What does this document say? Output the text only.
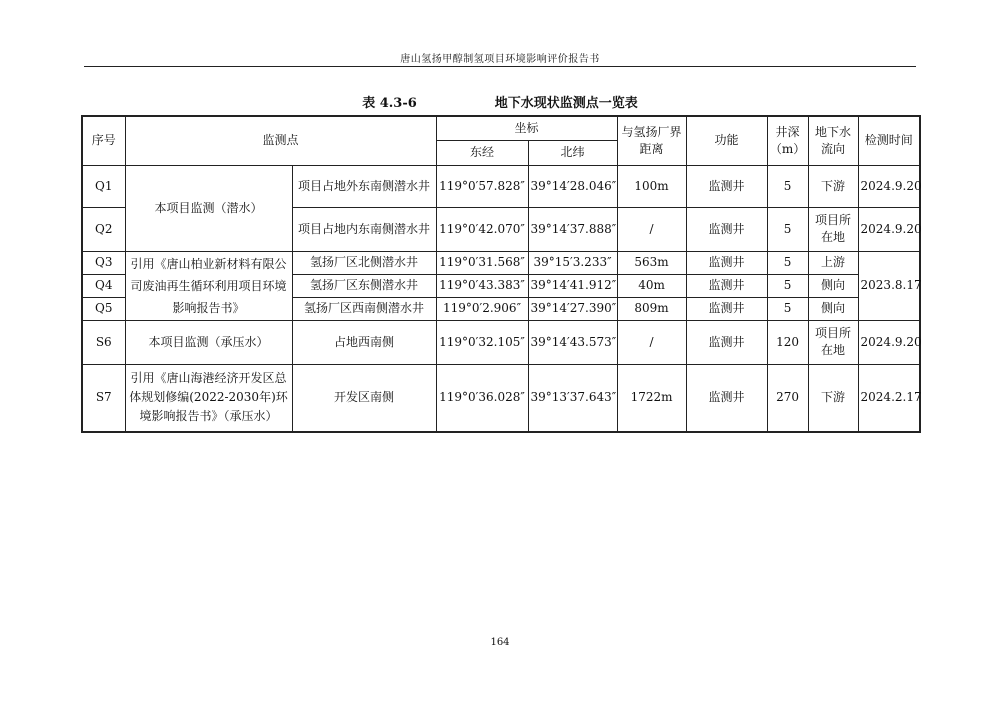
唐山氢扬甲醇制氢项目环境影响评价报告书
表 4.3-6	地下水现状监测点一览表
序号	监测点		坐标		与氢扬厂界距离	功能	井深（m）	地下水流向	检测时间
			东经	北纬					
Q1	本项目监测（潜水）	项目占地外东南侧潜水井	119°0′57.828″	39°14′28.046″	100m	监测井	5	下游	2024.9.20
Q2		项目占地内东南侧潜水井	119°0′42.070″	39°14′37.888″	/	监测井	5	项目所在地	2024.9.20
Q3	引用《唐山柏业新材料有限公司废油再生循环利用项目环境影响报告书》	氢扬厂区北侧潜水井	119°0′31.568″	39°15′3.233″	563m	监测井	5	上游	2023.8.17
Q4		氢扬厂区东侧潜水井	119°0′43.383″	39°14′41.912″	40m	监测井	5	侧向	
Q5		氢扬厂区西南侧潜水井	119°0′2.906″	39°14′27.390″	809m	监测井	5	侧向	
S6	本项目监测（承压水）	占地西南侧	119°0′32.105″	39°14′43.573″	/	监测井	120	项目所在地	2024.9.20
S7	引用《唐山海港经济开发区总体规划修编(2022-2030年)环境影响报告书》（承压水）	开发区南侧	119°0′36.028″	39°13′37.643″	1722m	监测井	270	下游	2024.2.17
164
